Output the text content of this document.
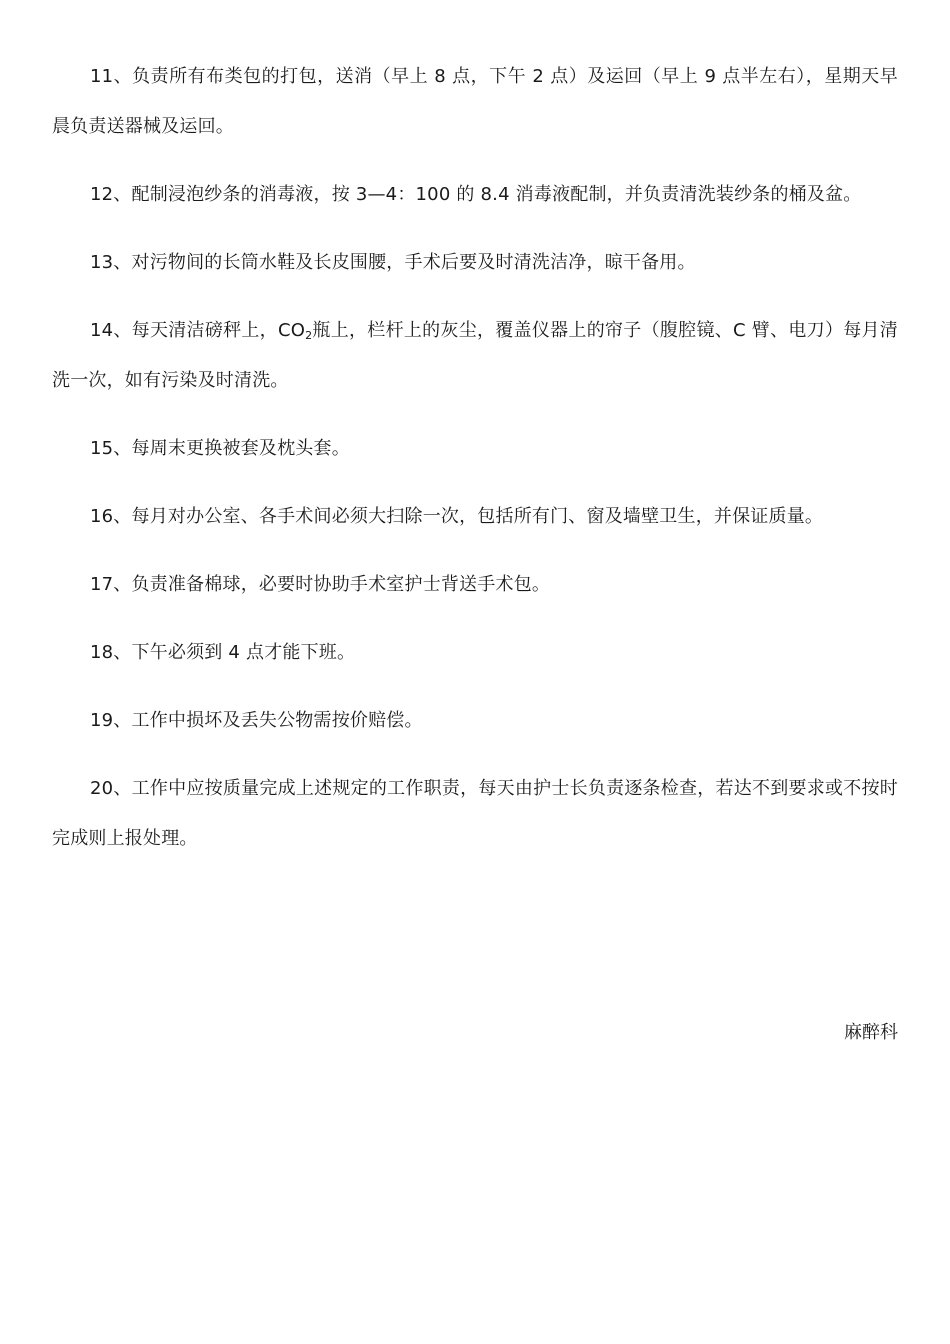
11、负责所有布类包的打包，送消（早上 8 点，下午 2 点）及运回（早上 9 点半左右），星期天早晨负责送器械及运回。

12、配制浸泡纱条的消毒液，按 3—4：100 的 8.4 消毒液配制，并负责清洗装纱条的桶及盆。

13、对污物间的长筒水鞋及长皮围腰，手术后要及时清洗洁净，晾干备用。

14、每天清洁磅秤上，$CO_2$瓶上，栏杆上的灰尘，覆盖仪器上的帘子（腹腔镜、C 臂、电刀）每月清洗一次，如有污染及时清洗。

15、每周末更换被套及枕头套。

16、每月对办公室、各手术间必须大扫除一次，包括所有门、窗及墙壁卫生，并保证质量。

17、负责准备棉球，必要时协助手术室护士背送手术包。

18、下午必须到 4 点才能下班。

19、工作中损坏及丢失公物需按价赔偿。

20、工作中应按质量完成上述规定的工作职责，每天由护士长负责逐条检查，若达不到要求或不按时完成则上报处理。

麻醉科
